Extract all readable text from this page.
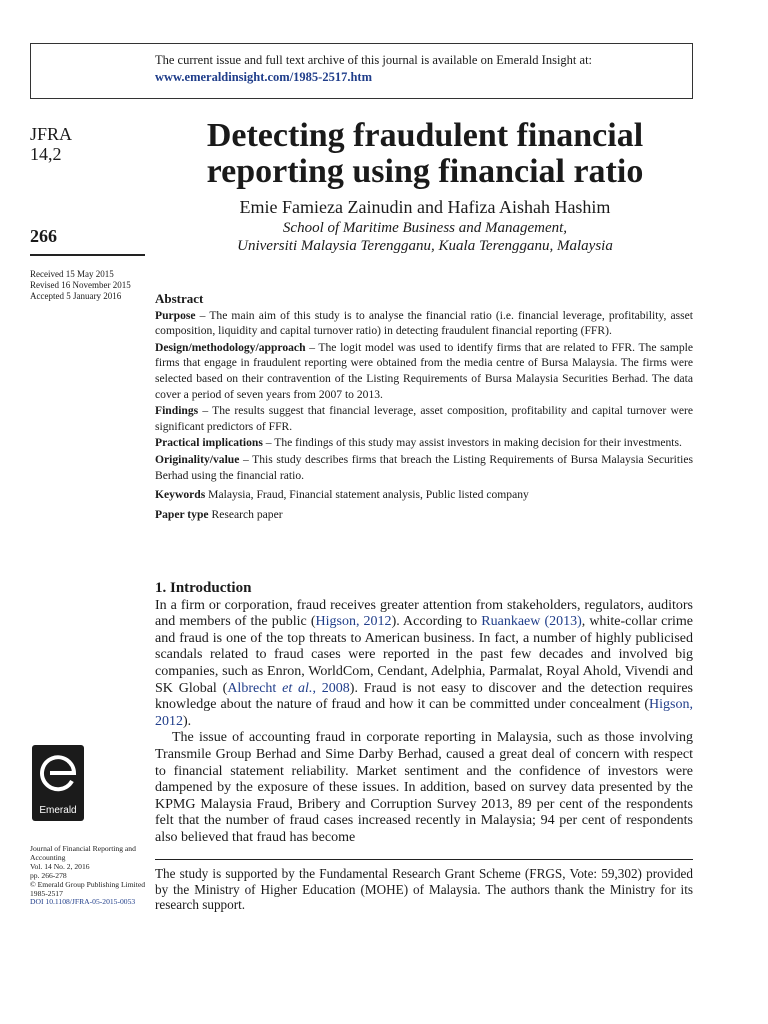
The current issue and full text archive of this journal is available on Emerald Insight at:
www.emeraldinsight.com/1985-2517.htm
JFRA
14,2
266
Received 15 May 2015
Revised 16 November 2015
Accepted 5 January 2016
Emerald
Journal of Financial Reporting and Accounting
Vol. 14 No. 2, 2016
pp. 266-278
© Emerald Group Publishing Limited
1985-2517
DOI 10.1108/JFRA-05-2015-0053
Detecting fraudulent financial
reporting using financial ratio
Emie Famieza Zainudin and Hafiza Aishah Hashim
School of Maritime Business and Management,
Universiti Malaysia Terengganu, Kuala Terengganu, Malaysia
Abstract

Purpose – The main aim of this study is to analyse the financial ratio (i.e. financial leverage, profitability, asset composition, liquidity and capital turnover ratio) in detecting fraudulent financial reporting (FFR).

Design/methodology/approach – The logit model was used to identify firms that are related to FFR. The sample firms that engage in fraudulent reporting were obtained from the media centre of Bursa Malaysia. The firms were selected based on their contravention of the Listing Requirements of Bursa Malaysia Securities Berhad. The data cover a period of seven years from 2007 to 2013.

Findings – The results suggest that financial leverage, asset composition, profitability and capital turnover were significant predictors of FFR.

Practical implications – The findings of this study may assist investors in making decision for their investments.

Originality/value – This study describes firms that breach the Listing Requirements of Bursa Malaysia Securities Berhad using the financial ratio.

Keywords Malaysia, Fraud, Financial statement analysis, Public listed company

Paper type Research paper

1. Introduction

In a firm or corporation, fraud receives greater attention from stakeholders, regulators, auditors and members of the public (Higson, 2012). According to Ruankaew (2013), white-collar crime and fraud is one of the top threats to American business. In fact, a number of highly publicised scandals related to fraud cases were reported in the past few decades and involved big companies, such as Enron, WorldCom, Cendant, Adelphia, Parmalat, Royal Ahold, Vivendi and SK Global (Albrecht et al., 2008). Fraud is not easy to discover and the detection requires knowledge about the nature of fraud and how it can be committed under concealment (Higson, 2012).

The issue of accounting fraud in corporate reporting in Malaysia, such as those involving Transmile Group Berhad and Sime Darby Berhad, caused a great deal of concern with respect to financial statement reliability. Market sentiment and the confidence of investors were dampened by the exposure of these issues. In addition, based on survey data presented by the KPMG Malaysia Fraud, Bribery and Corruption Survey 2013, 89 per cent of the respondents felt that the number of fraud cases increased recently in Malaysia; 94 per cent of respondents also believed that fraud has become

The study is supported by the Fundamental Research Grant Scheme (FRGS, Vote: 59,302) provided by the Ministry of Higher Education (MOHE) of Malaysia. The authors thank the Ministry for its research support.
